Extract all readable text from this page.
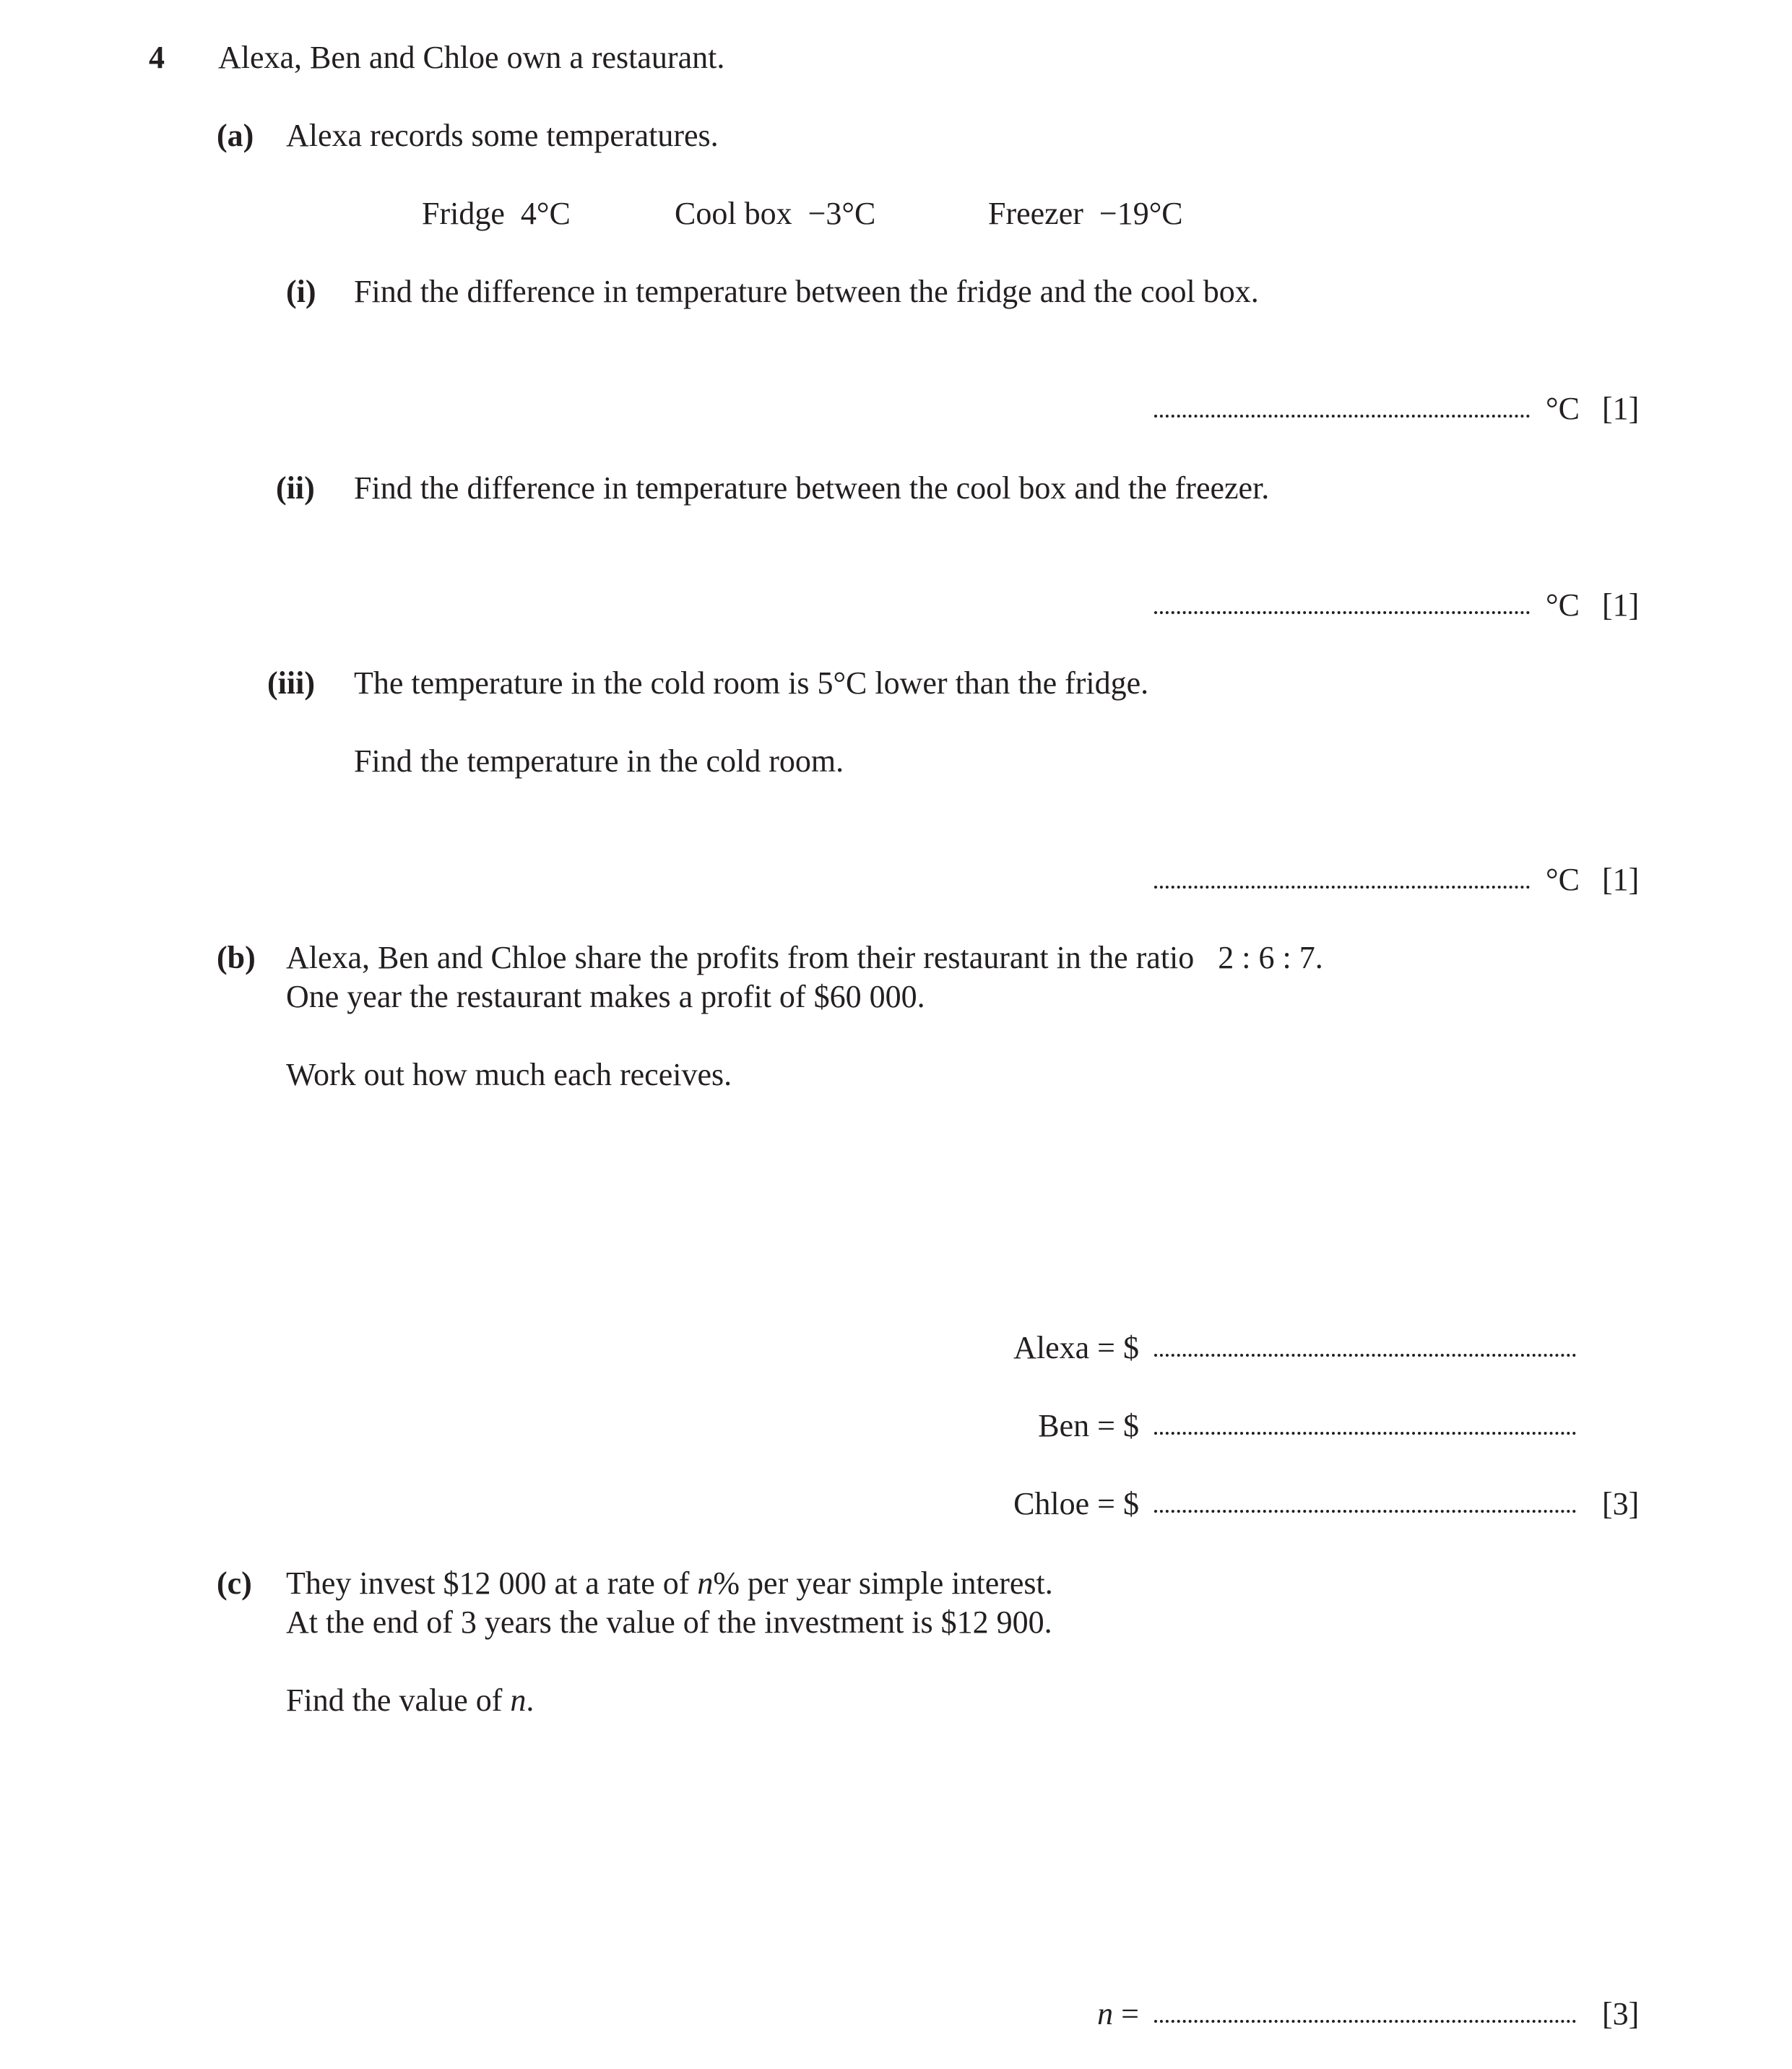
4 Alexa, Ben and Chloe own a restaurant.
(a) Alexa records some temperatures.
Fridge  4°C	Cool box  −3°C	Freezer  −19°C
(i) Find the difference in temperature between the fridge and the cool box.
°C [1]
(ii) Find the difference in temperature between the cool box and the freezer.
°C [1]
(iii) The temperature in the cold room is 5°C lower than the fridge.
Find the temperature in the cold room.
°C [1]
(b) Alexa, Ben and Chloe share the profits from their restaurant in the ratio   2 : 6 : 7.
One year the restaurant makes a profit of $60 000.
Work out how much each receives.
Alexa = $
Ben = $
Chloe = $	[3]
(c) They invest $12 000 at a rate of n% per year simple interest.
At the end of 3 years the value of the investment is $12 900.
Find the value of n.
n =	[3]
